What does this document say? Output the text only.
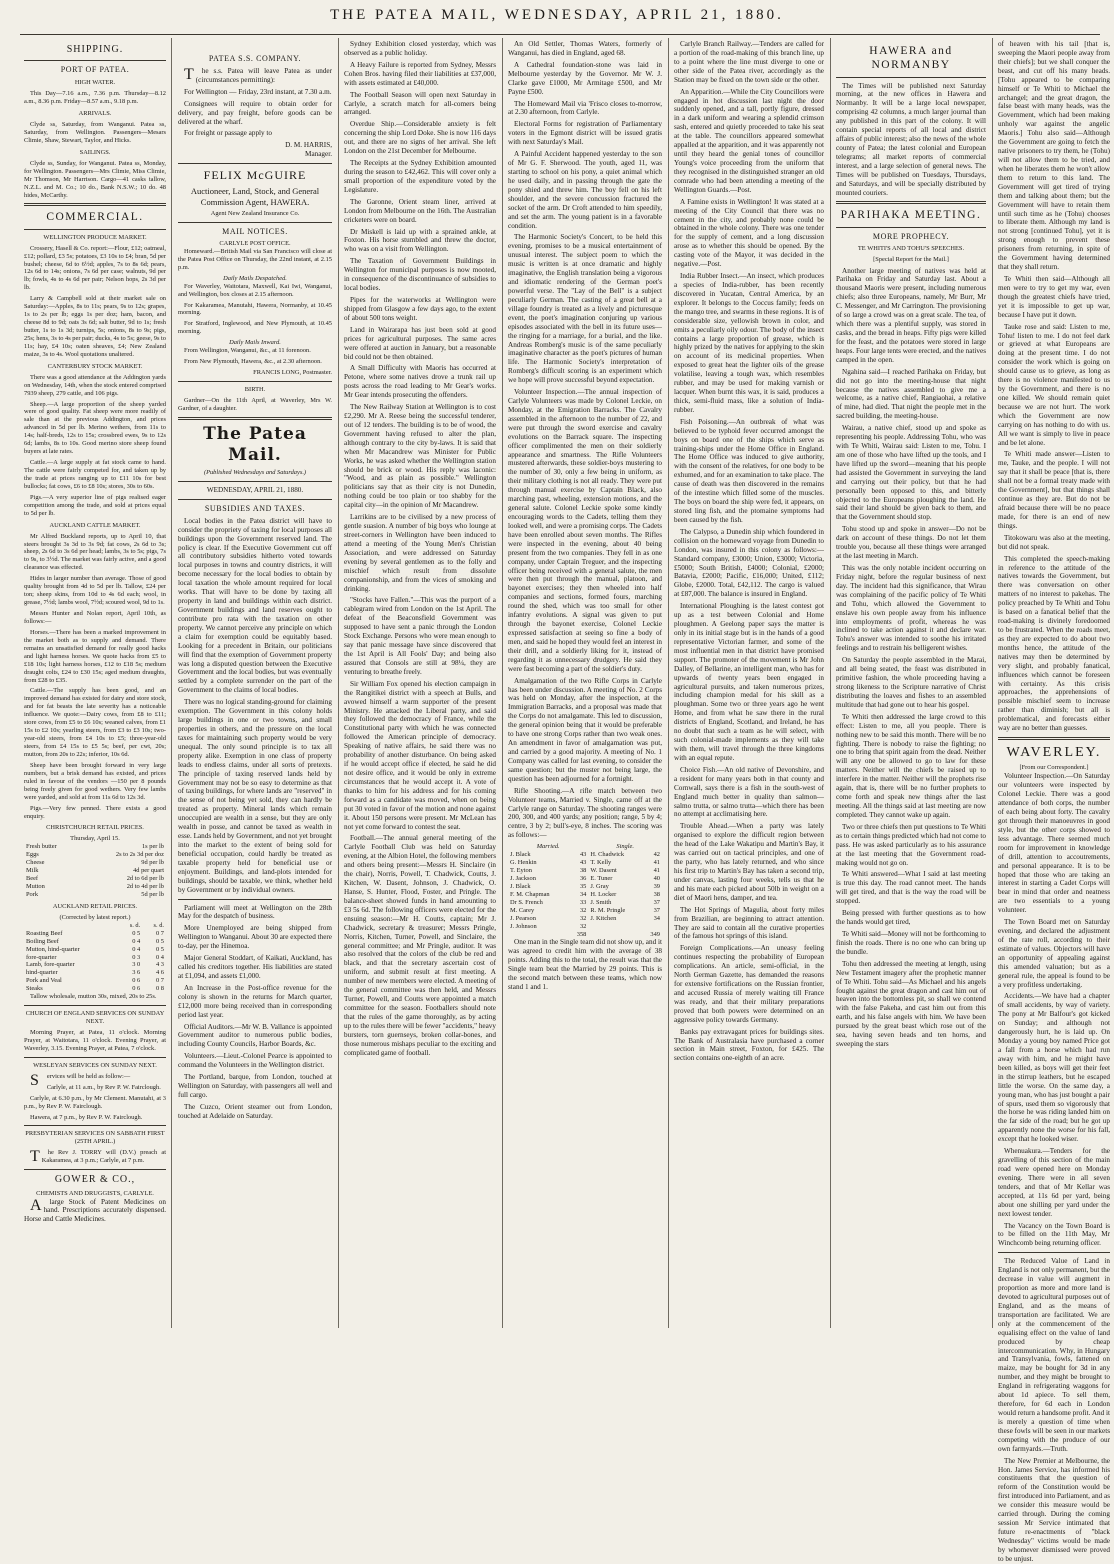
THE PATEA MAIL, WEDNESDAY, APRIL 21, 1880.
SHIPPING.
PORT OF PATEA.
HIGH WATER.

This Day—7.16 a.m., 7.36 p.m. Thursday—8.12 a.m., 8.36 p.m. Friday—8.57 a.m., 9.18 p.m.

ARRIVALS.

Clyde ss, Saturday, from Wanganui. Patea ss, Saturday, from Wellington. Passengers—Mesars Climie, Shaw, Stewart, Taylor, and Hicks.

SAILINGS.

Clyde ss, Sunday, for Wanganui. Patea ss, Monday, for Wellington. Passengers—Mrs Climie, Miss Climie, Mr Thomson, Mr Harrison. Cargo—41 casks tallow, N.Z.L. and M. Co.; 10 do., Bank N.S.W.; 10 do. 48 hides, McCarthy.

COMMERCIAL.
WELLINGTON PRODUCE MARKET.

Crossery, Hasell & Co. report:—Flour, £12; oatmeal, £12; pollard, £3 5s; potatoes, £3 10s to £4; bran, 5d per bushel; cheese, 6d to 6½d; apples, 7s to 8s 6d; pears, 12s 6d to 14s; onions, 7s 6d per case; walnuts, 9d per lb; fowls, 4s to 4s 6d per pair; Nelson hops, 2s 3d per lb.

Larry & Campbell sold at their market sale on Saturday:—Apples, 8s to 11s; pears, 9s to 12s; grapes, 1s to 2s per lb; eggs 1s per doz; ham, bacon, and cheese 8d to 9d; oats 3s 6d; salt butter, 9d to 1s; fresh butter, 1s to 1s 3d; turnips, 5s; onions, 8s to 9s; pigs, 25s; hens, 3s to 4s per pair; ducks, 4s to 5s; geese, 9s to 11s; hay, £4 10s; oaten sheaves, £4; New Zealand maize, 3s to 4s. Wool quotations unaltered.

CANTERBURY STOCK MARKET.

There was a good attendance at the Addington yards on Wednesday, 14th, when the stock entered comprised 7939 sheep, 279 cattle, and 106 pigs.

Sheep.—A large proportion of the sheep yarded were of good quality. Fat sheep were more readily of sale than at the previous Addington, and prices advanced in 5d per lb. Merino wethers, from 11s to 14s; half-breds, 12s to 15s; crossbred ewes, 9s to 12s 6d; lambs, 8s to 10s. Good merino store sheep found buyers at late rates.

Cattle.—A large supply at fat stock came to hand. The cattle were fairly competed for, and taken up by the trade at prices ranging up to £11 10s for best bullocks; fat cows, £6 to £8 10s; stores, 30s to 60s.

Pigs.—A very superior line of pigs realised eager competition among the trade, and sold at prices equal to 5d per lb.

AUCKLAND CATTLE MARKET.

Mr Alfred Buckland reports, up to April 10, that steers brought 3s 3d to 3s 9d; fat cows, 2s 6d to 3s; sheep, 2s 6d to 3s 6d per head; lambs, 3s to 5s; pigs, 7s to 9s, to 3½d. The market was fairly active, and a good clearance was effected.

Hides in larger number than average. Those of good quality brought from 4d to 5d per lb. Tallow, £24 per ton; sheep skins, from 10d to 4s 6d each; wool, in grease, 7½d; lambs wool, 7½d; scoured wool, 9d to 1s.

Messrs Hunter and Nolan report, April 10th, as follows:—

Horses.—There has been a marked improvement in the market both as to supply and demand. There remains an unsatisfied demand for really good hacks and light harness horses. We quote hacks from £5 to £18 10s; light harness horses, £12 to £18 5s; medium draught colts, £24 to £30 15s; aged medium draughts, from £28 to £35.

Cattle.—The supply has been good, and an improved demand has existed for dairy and store stock, and for fat beasts the late severity has a noticeable influence. We quote:—Dairy cows, from £8 to £11; store cows, from £5 to £6 10s; weaned calves, from £1 15s to £2 10s; yearling steers, from £3 to £3 10s; two-year-old steers, from £4 10s to £5; three-year-old steers, from £4 15s to £5 5s; beef, per cwt, 20s; mutton, from 20s to 22s; inferior, 10s 6d.

Sheep have been brought forward in very large numbers, but a brisk demand has existed, and prices ruled in favour of the vendors —150 per 8 pounds being freely given for good wethers. Very few lambs were yarded, and sold at from 11s 6d to 12s 3d.

Pigs.—Very few penned. There exists a good enquiry.

CHRISTCHURCH RETAIL PRICES.
Thursday, April 15.
Fresh butter	1s per lb
Eggs	2s to 2s 3d per doz
Cheese	9d per lb
Milk	4d per quart
Beef	2d to 6d per lb
Mutton	2d to 4d per lb
Pork	5d per lb
AUCKLAND RETAIL PRICES.
(Corrected by latest report.)
	s. d.	s. d.
Roasting Beef	0 5	0 7
Boiling Beef	0 4	0 5
Mutton, hind-quarter	0 4	0 5
fore-quarter	0 3	0 4
Lamb, fore-quarter	3 0	4 3
hind-quarter	3 6	4 6
Pork and Veal	0 6	0 7
Steaks	0 6	0 8

Tallow wholesale, mutton 30s, mixed, 20s to 25s.

CHURCH OF ENGLAND SERVICES ON SUNDAY NEXT.

Morning Prayer, at Patea, 11 o'clock. Morning Prayer, at Waitotara, 11 o'clock. Evening Prayer, at Waverley, 3.15. Evening Prayer, at Patea, 7 o'clock.

WESLEYAN SERVICES ON SUNDAY NEXT.

Services will be held as follow:—

Carlyle, at 11 a.m., by Rev P. W. Fairclough.

Carlyle, at 6.30 p.m., by Mr Clement. Manutahi, at 3 p.m., by Rev P. W. Fairclough.

Hawera, at 7 p.m., by Rev P. W. Fairclough.

PRESBYTERIAN SERVICES ON SABBATH FIRST (25TH APRIL.)

The Rev J. TORRY will (D.V.) preach at Kakaramea, at 3 p.m.; Carlyle, at 7 p.m.

GOWER & CO.,
CHEMISTS AND DRUGGISTS, CARLYLE.

Alarge Stock of Patent Medicines on hand. Prescriptions accurately dispensed. Horse and Cattle Medicines.

PATEA S.S. COMPANY.

The s.s. Patea will leave Patea as under (circumstances permitting):

For Wellington — Friday, 23rd instant, at 7.30 a.m.

Consignees will require to obtain order for delivery, and pay freight, before goods can be delivered at the wharf.

For freight or passage apply to

D. M. HARRIS,
Manager.
FELIX McGUIRE
Auctioneer, Land, Stock, and General Commission Agent, HAWERA.
Agent New Zealand Insurance Co.
MAIL NOTICES.
CARLYLE POST OFFICE.

Homeward.—British Mail via San Francisco will close at the Patea Post Office on Thursday, the 22nd instant, at 2.15 p.m.

Daily Mails Despatched.

For Waverley, Waitotara, Maxwell, Kai Iwi, Wanganui, and Wellington, box closes at 2.15 afternoon.

For Kakaramea, Manutahi, Hawera, Normanby, at 10.45 morning.

For Stratford, Inglewood, and New Plymouth, at 10.45 morning.

Daily Mails Inward.

From Wellington, Wanganui, &c., at 11 forenoon.

From New Plymouth, Hawera, &c., at 2.30 afternoon.

FRANCIS LONG, Postmaster.
BIRTH.

Gardner—On the 11th April, at Waverley, Mrs W. Gardner, of a daughter.

The Patea Mail.
(Published Wednesdays and Saturdays.)
WEDNESDAY, APRIL 21, 1880.
SUBSIDIES AND TAXES.

Local bodies in the Patea district will have to consider the propriety of taxing for local purposes all buildings upon the Government reserved land. The policy is clear. If the Executive Government cut off all contributory subsidies hitherto voted towards local purposes in towns and country districts, it will become necessary for the local bodies to obtain by local taxation the whole amount required for local works. That will have to be done by taxing all property in land and buildings within each district. Government buildings and land reserves ought to contribute pro rata with the taxation on other property. We cannot perceive any principle on which a claim for exemption could be equitably based. Looking for a precedent in Britain, our politicians will find that the exemption of Government property was long a disputed question between the Executive Government and the local bodies, but was eventually settled by a complete surrender on the part of the Government to the claims of local bodies.

There was no logical standing-ground for claiming exemption. The Government in this colony holds large buildings in one or two towns, and small properties in others, and the pressure on the local taxes for maintaining such property would be very unequal. The only sound principle is to tax all property alike. Exemption in one class of property leads to endless claims, under all sorts of pretexts. The principle of taxing reserved lands held by Government may not be so easy to determine as that of taxing buildings, for where lands are "reserved" in the sense of not being yet sold, they can hardly be treated as property. Mineral lands which remain unoccupied are wealth in a sense, but they are only wealth in posse, and cannot be taxed as wealth in esse. Lands held by Government, and not yet brought into the market to the extent of being sold for beneficial occupation, could hardly be treated as taxable property held for beneficial use or enjoyment. Buildings, and land-plots intended for buildings, should be taxable, we think, whether held by Government or by individual owners.

Parliament will meet at Wellington on the 28th May for the despatch of business.

More Unemployed are being shipped from Wellington to Wanganui. About 30 are expected there to-day, per the Hinemoa.

Major General Stoddart, of Kaikati, Auckland, has called his creditors together. His liabilities are stated at £1,094, and assets £1,000.

An Increase in the Post-office revenue for the colony is shown in the returns for March quarter, £12,000 more being received than in corresponding period last year.

Official Auditors.—Mr W. B. Vallance is appointed Government auditor to numerous public bodies, including County Councils, Harbor Boards, &c.

Volunteers.—Lieut.-Colonel Pearce is appointed to command the Volunteers in the Wellington district.

The Portland, barque, from London, touched at Wellington on Saturday, with passengers all well and full cargo.

The Cuzco, Orient steamer out from London, touched at Adelaide on Saturday.

Sydney Exhibition closed yesterday, which was observed as a public holiday.

A Heavy Failure is reported from Sydney, Messrs Cohen Bros. having filed their liabilities at £37,000, with assets estimated at £40,000.

The Football Season will open next Saturday in Carlyle, a scratch match for all-comers being arranged.

Overdue Ship.—Considerable anxiety is felt concerning the ship Lord Doke. She is now 116 days out, and there are no signs of her arrival. She left London on the 21st December for Melbourne.

The Receipts at the Sydney Exhibition amounted during the season to £42,462. This will cover only a small proportion of the expenditure voted by the Legislature.

The Garonne, Orient steam liner, arrived at London from Melbourne on the 16th. The Australian cricketers were on board.

Dr Miskell is laid up with a sprained ankle, at Foxton. His horse stumbled and threw the doctor, who was on a visit from Wellington.

The Taxation of Government Buildings in Wellington for municipal purposes is now mooted, in consequence of the discontinuance of subsidies to local bodies.

Pipes for the waterworks at Wellington were shipped from Glasgow a few days ago, to the extent of about 500 tons weight.

Land in Wairarapa has just been sold at good prices for agricultural purposes. The same acres were offered at auction in January, but a reasonable bid could not be then obtained.

A Small Difficulty with Maoris has occurred at Petone, where some natives drove a trunk rail up posts across the road leading to Mr Gear's works. Mr Gear intends prosecuting the offenders.

The New Railway Station at Wellington is to cost £2,290. Mr A. Reese being the successful tenderer, out of 12 tenders. The building is to be of wood, the Government having refused to alter the plan, although contrary to the city by-laws. It is said that when Mr Macandrew was Minister for Public Works, he was asked whether the Wellington station should be brick or wood. His reply was laconic: "Wood, and as plain as possible." Wellington politicians say that as their city is not Dunedin, nothing could be too plain or too shabby for the capital city—in the opinion of Mr Macandrew.

Larrikins are to be civilised by a new process of gentle suasion. A number of big boys who lounge at street-corners in Wellington have been induced to attend a meeting of the Young Men's Christian Association, and were addressed on Saturday evening by several gentlemen as to the folly and mischief which result from dissolute companionship, and from the vices of smoking and drinking.

"Stocks have Fallen."—This was the purport of a cablegram wired from London on the 1st April. The defeat of the Beaconsfield Government was supposed to have sent a panic through the London Stock Exchange. Persons who were mean enough to say that panic message have since discovered that the 1st April is All Fools' Day; and being also assured that Consols are still at 98¼, they are venturing to breathe freely.

Sir William Fox opened his election campaign in the Rangitikei district with a speech at Bulls, and avowed himself a warm supporter of the present Ministry. He attacked the Liberal party, and said they followed the democracy of France, while the Constitutional party with which he was connected followed the American principle of democracy. Speaking of native affairs, he said there was no probability of another disturbance. On being asked if he would accept office if elected, he said he did not desire office, and it would be only in extreme circumstances that he would accept it. A vote of thanks to him for his address and for his coming forward as a candidate was moved, when on being put 30 voted in favor of the motion and none against it. About 150 persons were present. Mr McLean has not yet come forward to contest the seat.

Football.—The annual general meeting of the Carlyle Football Club was held on Saturday evening, at the Albion Hotel, the following members and others being present:—Messrs H. Sinclaire (in the chair), Norris, Powell, T. Chadwick, Coutts, J. Kitchen, W. Dasent, Johnson, J. Chadwick, O. Hanse, S. Hunter, Flood, Foster, and Pringle. The balance-sheet showed funds in hand amounting to £3 5s 6d. The following officers were elected for the ensuing season:—Mr H. Coutts, captain; Mr J. Chadwick, secretary & treasurer; Messrs Pringle, Norris, Kitchen, Turner, Powell, and Sinclaire, the general committee; and Mr Pringle, auditor. It was also resolved that the colors of the club be red and black, and that the secretary ascertain cost of uniform, and submit result at first meeting. A number of new members were elected. A meeting of the general committee was then held, and Messrs Turner, Powell, and Coutts were appointed a match committee for the season. Footballers should note that the rules of the game thoroughly, as by acting up to the rules there will be fewer "accidents," heavy bursters, torn guernseys, broken collar-bones, and those numerous mishaps peculiar to the exciting and complicated game of football.

An Old Settler, Thomas Waters, formerly of Wanganui, has died in England, aged 68.

A Cathedral foundation-stone was laid in Melbourne yesterday by the Governor. Mr W. J. Clarke gave £1000, Mr Armitage £500, and Mr Payne £500.

The Homeward Mail via 'Frisco closes to-morrow, at 2.30 afternoon, from Carlyle.

Electoral Forms for registration of Parliamentary voters in the Egmont district will be issued gratis with next Saturday's Mail.

A Painful Accident happened yesterday to the son of Mr G. F. Sherwood. The youth, aged 11, was starting to school on his pony, a quiet animal which he used daily, and in passing through the gate the pony shied and threw him. The boy fell on his left shoulder, and the severe concussion fractured the socket of the arm. Dr Croft attended to him speedily, and set the arm. The young patient is in a favorable condition.

The Harmonic Society's Concert, to be held this evening, promises to be a musical entertainment of unusual interest. The subject poem to which the music is written is at once dramatic and highly imaginative, the English translation being a vigorous and idiomatic rendering of the German poet's powerful verse. The "Lay of the Bell" is a subject peculiarly German. The casting of a great bell at a village foundry is treated as a lively and picturesque event, the poet's imagination conjuring up various episodes associated with the bell in its future uses—the ringing for a marriage, for a burial, and the like. Andreas Romberg's music is of the same peculiarly imaginative character as the poet's pictures of human life. The Harmonic Society's interpretation of Romberg's difficult scoring is an experiment which we hope will prove successful beyond expectation.

Volunteer Inspection.—The annual inspection of Carlyle Volunteers was made by Colonel Leckie, on Monday, at the Emigration Barracks. The Cavalry assembled in the afternoon to the number of 22, and were put through the sword exercise and cavalry evolutions on the Barrack square. The inspecting officer complimented the men on their soldierly appearance and smartness. The Rifle Volunteers mustered afterwards, these soldier-boys mustering to the number of 30, only a few being in uniform, as their military clothing is not all ready. They were put through manual exercise by Captain Black, also marching past, wheeling, extension motions, and the general salute. Colonel Leckie spoke some kindly encouraging words to the Cadets, telling them they looked well, and were a promising corps. The Cadets have been enrolled about seven months. The Rifles were inspected in the evening, about 40 being present from the two companies. They fell in as one company, under Captain Treguer, and the inspecting officer being received with a general salute, the men were then put through the manual, platoon, and bayonet exercises; they then wheeled into half companies and sections, formed fours, marching round the shed, which was too small for other infantry evolutions. A signal was given to put through the bayonet exercise, Colonel Leckie expressed satisfaction at seeing so fine a body of men, and said he hoped they would feel an interest in their drill, and a soldierly liking for it, instead of regarding it as unnecessary drudgery. He said they were fast becoming a part of the soldier's duty.

Amalgamation of the two Rifle Corps in Carlyle has been under discussion. A meeting of No. 2 Corps was held on Monday, after the inspection, at the Immigration Barracks, and a proposal was made that the Corps do not amalgamate. This led to discussion, the general opinion being that it would be preferable to have one strong Corps rather than two weak ones. An amendment in favor of amalgamation was put, and carried by a good majority. A meeting of No. 1 Company was called for last evening, to consider the same question; but the muster not being large, the question has been adjourned for a fortnight.

Rifle Shooting.—A rifle match between two Volunteer teams, Married v. Single, came off at the Carlyle range on Saturday. The shooting ranges were 200, 300, and 400 yards; any position; range, 5 by 4; centre, 3 by 2; bull's-eye, 8 inches. The scoring was as follows:—

Married.		Single.	
J. Black	43	H. Chadwick	42
G. Henkin	43	T. Kelly	41
T. Eyton	38	W. Dasent	41
J. Jackson	36	E. Tuner	40
J. Black	35	J. Gray	39
F. M. Chapman	34	H. Locker	38
Dr S. French	33	J. Smith	37
M. Carey	32	R. M. Pringle	37
J. Pearson	32	J. Kitchen	34
J. Johnson	32		
	358		349

One man in the Single team did not show up, and it was agreed to credit him with the average of 38 points. Adding this to the total, the result was that the Single team beat the Married by 29 points. This is the second match between these teams, which now stand 1 and 1.

Carlyle Branch Railway.—Tenders are called for a portion of the road-making of this branch line, up to a point where the line must diverge to one or other side of the Patea river, accordingly as the Station may be fixed on the town side or the other.

An Apparition.—While the City Councillors were engaged in hot discussion last night the door suddenly opened, and a tall, portly figure, dressed in a dark uniform and wearing a splendid crimson sash, entered and quietly proceeded to take his seat at the table. The councillors appeared somewhat appalled at the apparition, and it was apparently not until they heard the genial tones of councillor Young's voice proceeding from the uniform that they recognised in the distinguished stranger an old comrade who had been attending a meeting of the Wellington Guards.—Post.

A Famine exists in Wellington! It was stated at a meeting of the City Council that there was no cement in the city, and probably none could be obtained in the whole colony. There was one tender for the supply of cement, and a long discussion arose as to whether this should be opened. By the casting vote of the Mayor, it was decided in the negative.—Post.

India Rubber Insect.—An insect, which produces a species of India-rubber, has been recently discovered in Yucatan, Central America, by an explorer. It belongs to the Coccus family; feeds on the mango tree, and swarms in these regions. It is of considerable size, yellowish brown in color, and emits a peculiarly oily odour. The body of the insect contains a large proportion of grease, which is highly prized by the natives for applying to the skin on account of its medicinal properties. When exposed to great heat the lighter oils of the grease volatilise, leaving a tough wax, which resembles rubber, and may be used for making varnish or lacquer. When burnt this wax, it is said, produces a thick, semi-fluid mass, like a solution of India-rubber.

Fish Poisoning.—An outbreak of what was believed to be typhoid fever occurred amongst the boys on board one of the ships which serve as training-ships under the Home Office in England. The Home Office was induced to give authority, with the consent of the relatives, for one body to be exhumed, and for an examination to take place. The cause of death was then discovered in the remains of the intestine which filled some of the muscles. The boys on board the ship were fed, it appears, on stored ling fish, and the ptomaine symptoms had been caused by the fish.

The Calypso, a Dunedin ship which foundered in collision on the homeward voyage from Dunedin to London, was insured in this colony as follows:—Standard company, £3000; Union, £3000; Victoria, £5000; South British, £4000; Colonial, £2000; Batavia, £2000; Pacific, £16,000; United, £112; Globe, £2000. Total, £42,112. The cargo is valued at £87,000. The balance is insured in England.

International Ploughing is the latest contest got up as a test between Colonial and Home ploughmen. A Geelong paper says the matter is only in its initial stage but is in the hands of a good representative Victorian farmer, and some of the most influential men in that district have promised support. The promoter of the movement is Mr John Dalley, of Bellarine, an intelligent man, who has for upwards of twenty years been engaged in agricultural pursuits, and taken numerous prizes, including champion medal for his skill as a ploughman. Some two or three years ago he went Home, and from what he saw there in the rural districts of England, Scotland, and Ireland, he has no doubt that such a team as he will select, with such colonial-made implements as they will take with them, will travel through the three kingdoms with an equal repute.

Choice Fish.—An old native of Devonshire, and a resident for many years both in that county and Cornwall, says there is a fish in the south-west of England much better in quality than salmon—salmo trutta, or salmo trutta—which there has been no attempt at acclimatising here.

Trouble Ahead.—When a party was lately organised to explore the difficult region between the head of the Lake Wakatipu and Martin's Bay, it was carried out on tactical principles, and one of the party, who has lately returned, and who since his first trip to Martin's Bay has taken a second trip, under canvas, lasting four weeks, tells us that he and his mate each picked about 50lb in weight on a diet of Maori hens, damper, and tea.

The Hot Springs of Magulia, about forty miles from Brazilian, are beginning to attract attention. They are said to contain all the curative properties of the famous hot springs of this island.

Foreign Complications.—An uneasy feeling continues respecting the probability of European complications. An article, semi-official, in the North German Gazette, has demanded the reasons for extensive fortifications on the Russian frontier, and accused Russia of merely waiting till France was ready, and that their military preparations proved that both powers were determined on an aggressive policy towards Germany.

Banks pay extravagant prices for buildings sites. The Bank of Australasia have purchased a corner section in Main street, Foxton, for £425. The section contains one-eighth of an acre.

HAWERA and NORMANBY

The Times will be published next Saturday morning, at the new offices in Hawera and Normanby. It will be a large local newspaper, comprising 42 columns, a much larger journal than any published in this part of the colony. It will contain special reports of all local and district affairs of public interest; also the news of the whole county of Patea; the latest colonial and European telegrams; all market reports of commercial interest, and a large selection of general news. The Times will be published on Tuesdays, Thursdays, and Saturdays, and will be specially distributed by mounted couriers.

PARIHAKA MEETING.
MORE PROPHECY.
TE WHITI'S AND TOHU'S SPEECHES.
[Special Report for the Mail.]

Another large meeting of natives was held at Parihaka on Friday and Saturday last. About a thousand Maoris were present, including numerous chiefs; also three Europeans, namely, Mr Burr, Mr C. Messenger, and Mr Carrington. The provisioning of so large a crowd was on a great scale. The tea, of which there was a plentiful supply, was stored in casks, and the bread in heaps. Fifty pigs were killed for the feast, and the potatoes were stored in large heaps. Four large tents were erected, and the natives camped in the open.

Ngahina said—I reached Parihaka on Friday, but did not go into the meeting-house that night because the natives assembled to give me a welcome, as a native chief, Rangiaohai, a relative of mine, had died. That night the people met in the sacred building, the meeting-house.

Wairau, a native chief, stood up and spoke as representing his people. Addressing Tohu, who was with Te Whiti, Wairau said: Listen to me, Tohu. I am one of those who have lifted up the tools, and I have lifted up the sword—meaning that his people had assisted the Government in surveying the land and carrying out their policy, but that he had personally been opposed to this, and bitterly objected to the Europeans ploughing the land. He said their land should be given back to them, and that the Government should stop.

Tohu stood up and spoke in answer—Do not be dark on account of these things. Do not let them trouble you, because all these things were arranged at the last meeting in March.

This was the only notable incident occurring on Friday night, before the regular business of next day. The incident had this significance, that Wirau was complaining of the pacific policy of Te Whiti and Tohu, which allowed the Government to enslave his own people away from his influence into employments of profit, whereas he was inclined to take action against it and declare war. Tohu's answer was intended to soothe his irritated feelings and to restrain his belligerent wishes.

On Saturday the people assembled in the Marai, and all being seated, the feast was distributed in primitive fashion, the whole proceeding having a strong likeness to the Scripture narrative of Christ distributing the loaves and fishes to an assembled multitude that had gone out to hear his gospel.

Te Whiti then addressed the large crowd to this effect: Listen to me, all you people. There is nothing new to be said this month. There will be no fighting. There is nobody to raise the fighting; no one to bring that spirit again from the dead. Neither will any one be allowed to go to law for these matters. Neither will the chiefs be raised up to interfere in the matter. Neither will the prophets rise again, that is, there will be no further prophets to come forth and speak new things after the last meeting. All the things said at last meeting are now completed. They cannot wake up again.

Two or three chiefs then put questions to Te Whiti as to certain things predicted which had not come to pass. He was asked particularly as to his assurance at the last meeting that the Government road-making would not go on.

Te Whiti answered—What I said at last meeting is true this day. The road cannot meet. The hands will get tired, and that is the way the road will be stopped.

Being pressed with further questions as to how the hands would get tired,

Te Whiti said—Money will not be forthcoming to finish the roads. There is no one who can bring up the bundle.

Tohu then addressed the meeting at length, using New Testament imagery after the prophetic manner of Te Whiti. Tohu said—As Michael and his angels fought against the great dragon and cast him out of heaven into the bottomless pit, so shall we contend with the false Pakeha, and cast him out from this earth, and his false angels with him. We have been pursued by the great beast which rose out of the sea, having seven heads and ten horns, and sweeping the stars

of heaven with his tail [that is, sweeping the Maori people away from their chiefs]; but we shall conquer the beast, and cut off his many heads. [Tohu appeared to be comparing himself or Te Whiti to Michael the archangel; and the great dragon, the false beast with many heads, was the Government, which had been making unholy war against the angelic Maoris.] Tohu also said—Although the Government are going to fetch the native prisoners to try them, he (Tohu) will not allow them to be tried, and when he liberates them he won't allow them to return to this land. The Government will get tired of trying them and talking about them; but the Government will have to retain them until such time as he (Tohu) chooses to liberate them. Although my land is not strong [continued Tohu], yet it is strong enough to prevent these prisoners from returning, in spite of the Government having determined that they shall return.

Te Whiti then said—Although all men were to try to get my war, even though the greatest chiefs have tried, yet it is impossible to get up war, because I have put it down.

Tauke rose and said: Listen to me, Tohu! listen to me. I do not feel dark or grieved at what Europeans are doing at the present time. I do not consider the work which is going on should cause us to grieve, as long as there is no violence manifested to us by the Government, and there is no one killed. We should remain quiet because we are not hurt. The work which the Government are now carrying on has nothing to do with us. All we want is simply to live in peace and be let alone.

Te Whiti made answer—Listen to me, Tauke, and the people. I will not say that it shall be peace [that is, there shall not be a formal treaty made with the Government], but that things shall continue as they are. But do not be afraid because there will be no peace made, for there is an end of new things.

Titokowaru was also at the meeting, but did not speak.

This completed the speech-making in reference to the attitude of the natives towards the Government, but there was conversation on other matters of no interest to pakehas. The policy preached by Te Whiti and Tohu is based on a fanatical belief that the road-making is divinely foredoomed to be frustrated. When the roads meet, as they are expected to do about two months hence, the attitude of the natives may then be determined by very slight, and probably fanatical, influences which cannot be foreseen with certainty. As this crisis approaches, the apprehensions of possible mischief seem to increase rather than diminish; but all is problematical, and forecasts either way are no better than guesses.

WAVERLEY.
[From our Correspondent.]

Volunteer Inspection.—On Saturday our volunteers were inspected by Colonel Leckie. There was a good attendance of both corps, the number of each being about forty. The cavalry got through their manoeuvres in good style, but the other corps showed to less advantage. There seemed much room for improvement in knowledge of drill, attention to accoutrements, and personal appearance. It is to be hoped that those who are taking an interest in starting a Cadet Corps will bear in mind that order and neatness are two essentials to a young volunteer.

The Town Board met on Saturday evening, and declared the adjustment of the rate roll, according to their estimate of values. Objectors will have an opportunity of appealing against this amended valuation; but as a general rule, the appeal is found to be a very profitless undertaking.

Accidents.—We have had a chapter of small accidents, by way of variety. The pony at Mr Balfour's got kicked on Sunday; and although not dangerously hurt, he is laid up. On Monday a young boy named Price got a fall from a horse which had run away with him, and he might have been killed, as boys will get their feet in the stirrup leathers, but he escaped little the worse. On the same day, a young man, who has just bought a pair of spurs, used them so vigorously that the horse he was riding landed him on the far side of the road; but he got up apparently none the worse for his fall, except that he looked wiser.

Whenuakura.—Tenders for the gravelling of this section of the main road were opened here on Monday evening. There were in all seven tenders, and that of Mr Kellar was accepted, at 11s 6d per yard, being about one shilling per yard under the next lowest tender.

The Vacancy on the Town Board is to be filled on the 11th May, Mr Winchcomb being returning officer.

The Reduced Value of Land in England is not only permanent, but the decrease in value will augment in proportion as more and more land is devoted to agricultural purposes out of England, and as the means of transportation are facilitated. We are only at the commencement of the equalising effect on the value of land produced by cheap intercommunication. Why, in Hungary and Transylvania, fowls, fattened on maize, may be bought for 3d in any number, and they might be brought to England in refrigerating waggons for about 1d apiece. To sell them, therefore, for 6d each in London would return a handsome profit. And it is merely a question of time when these fowls will be seen in our markets competing with the produce of our own farmyards.—Truth.

The New Premier at Melbourne, the Hon. James Service, has informed his constituents that the question of reform of the Constitution would be first introduced into Parliament, and as we consider this measure would be carried through. During the coming session Mr Service intimated that future re-enactments of "black Wednesday" victims would be made by whomever dismissed were proved to be unjust.
